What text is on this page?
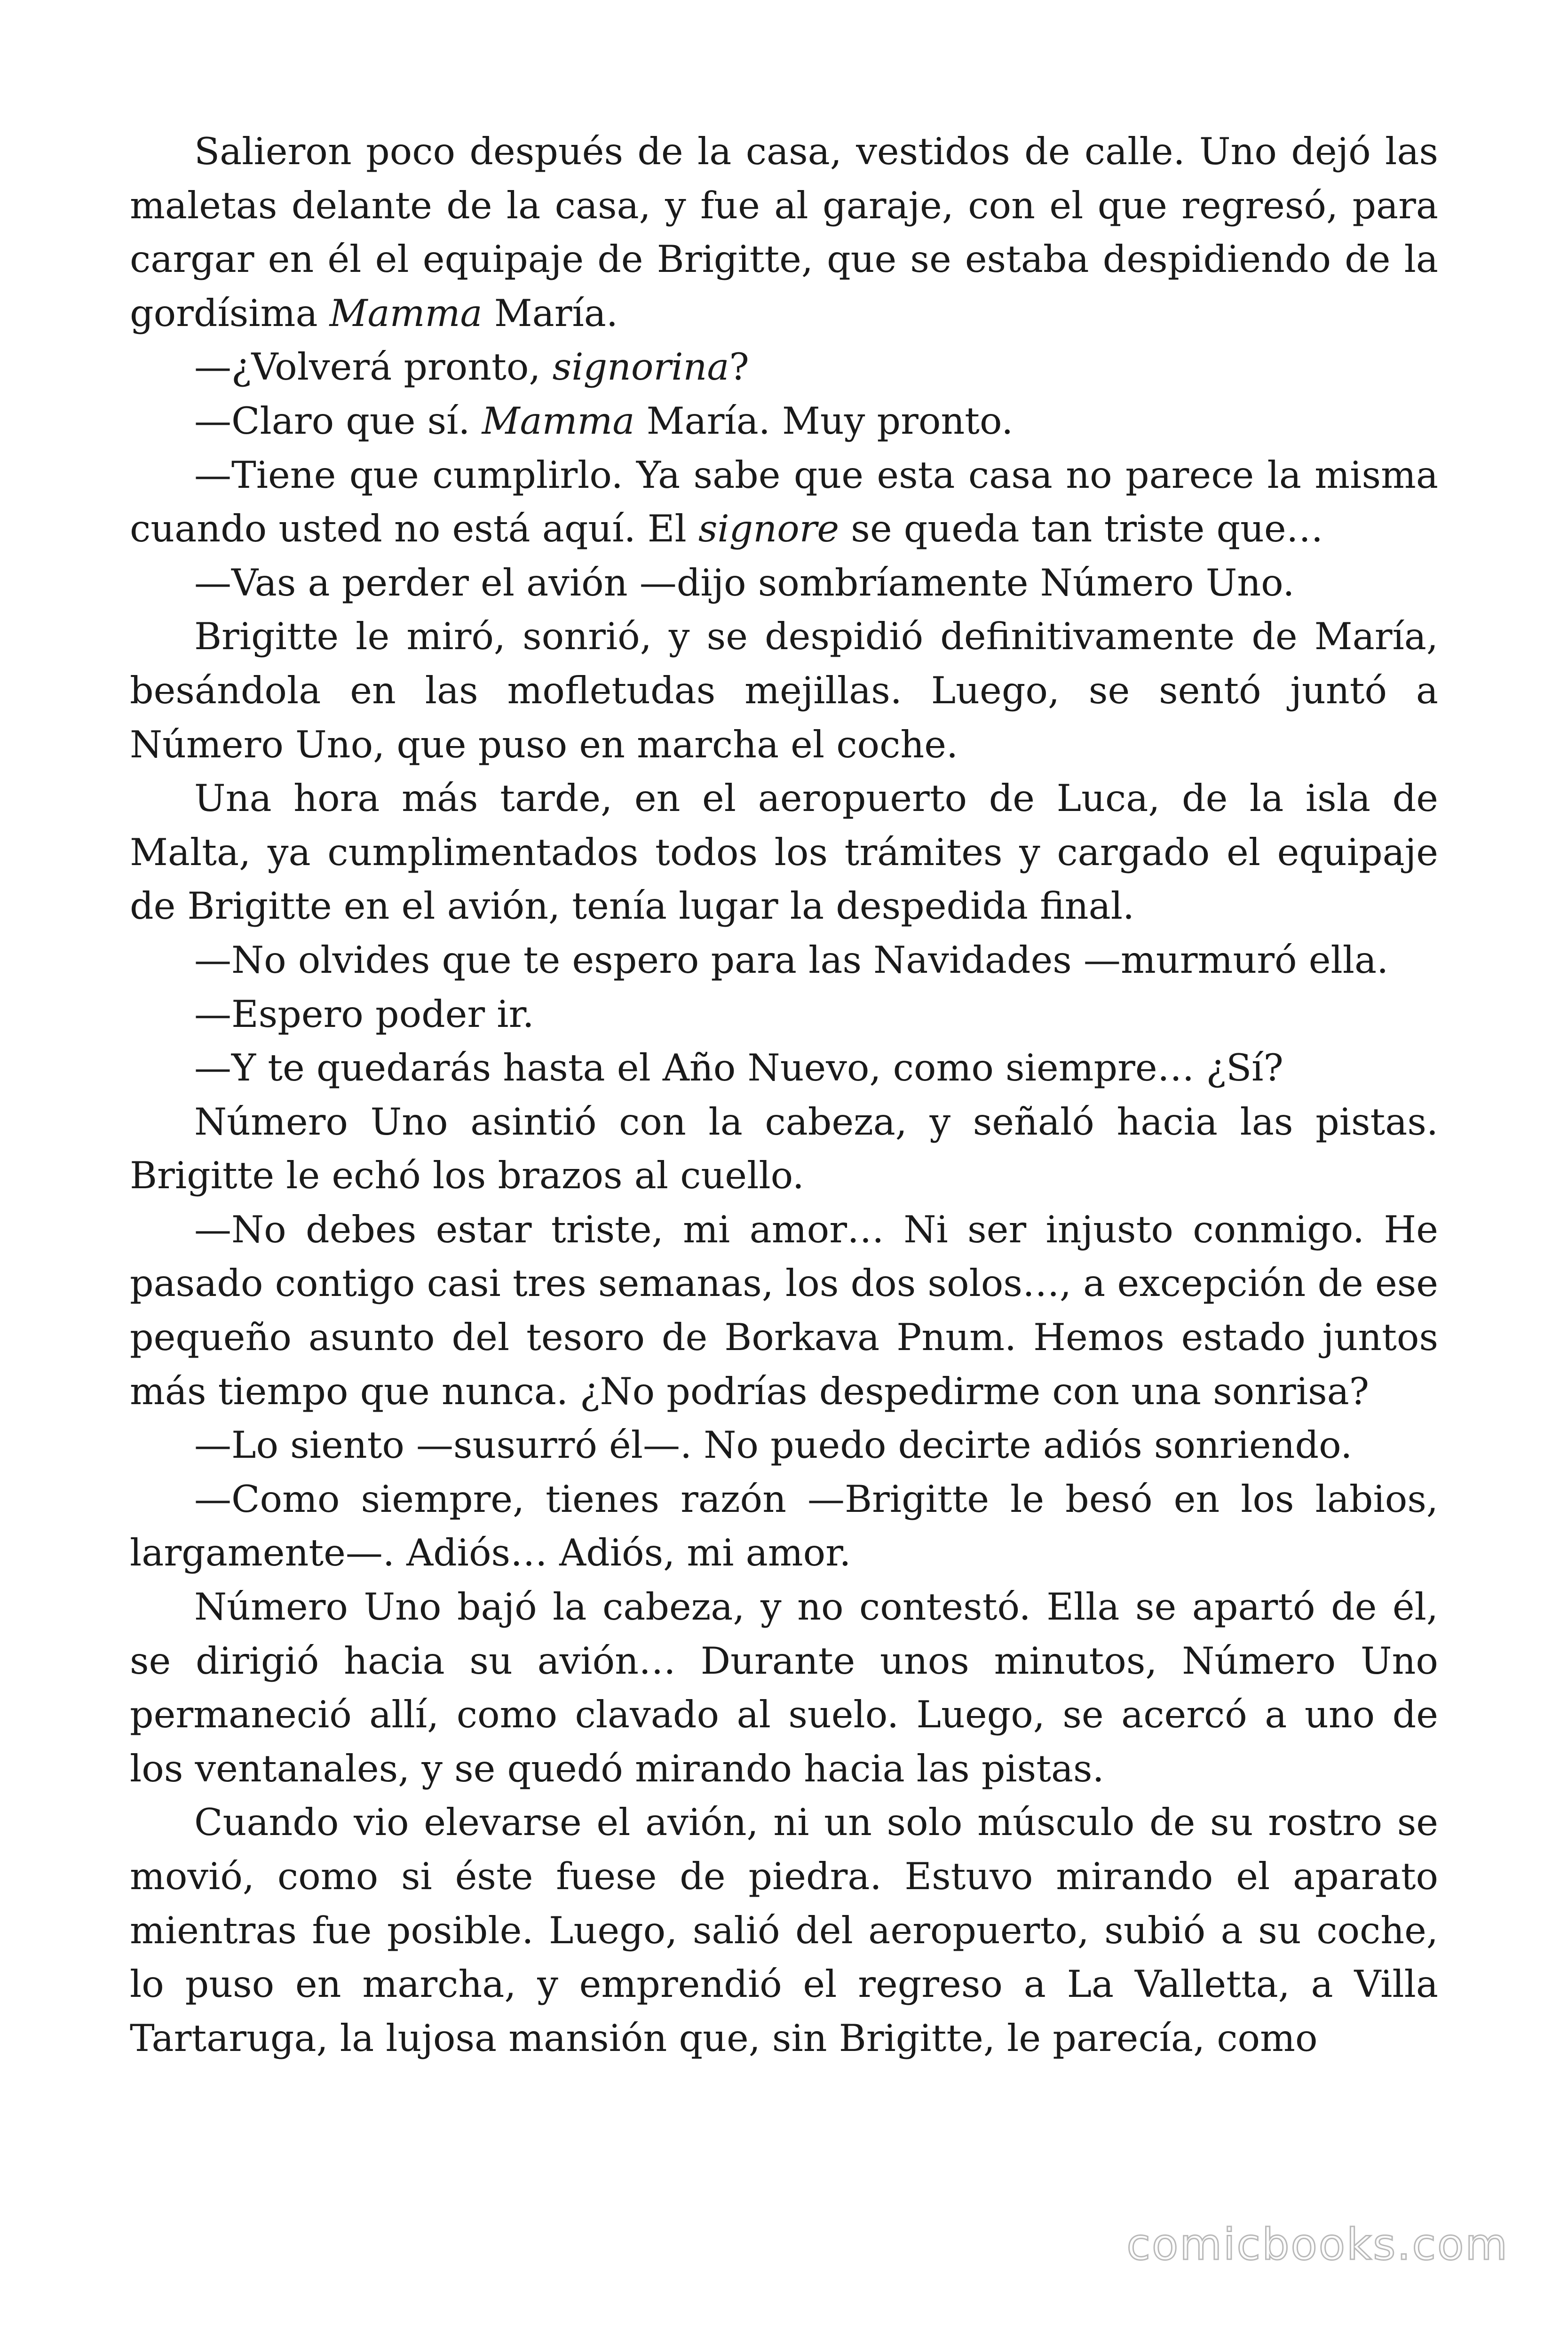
Salieron poco después de la casa, vestidos de calle. Uno dejó las maletas delante de la casa, y fue al garaje, con el que regresó, para cargar en él el equipaje de Brigitte, que se estaba despidiendo de la gordísima Mamma María.

—¿Volverá pronto, signorina?

—Claro que sí. Mamma María. Muy pronto.

—Tiene que cumplirlo. Ya sabe que esta casa no parece la misma cuando usted no está aquí. El signore se queda tan triste que…

—Vas a perder el avión —dijo sombríamente Número Uno.

Brigitte le miró, sonrió, y se despidió definitivamente de María, besándola en las mofletudas mejillas. Luego, se sentó juntó a Número Uno, que puso en marcha el coche.

Una hora más tarde, en el aeropuerto de Luca, de la isla de Malta, ya cumplimentados todos los trámites y cargado el equipaje de Brigitte en el avión, tenía lugar la despedida final.

—No olvides que te espero para las Navidades —murmuró ella.

—Espero poder ir.

—Y te quedarás hasta el Año Nuevo, como siempre… ¿Sí?

Número Uno asintió con la cabeza, y señaló hacia las pistas. Brigitte le echó los brazos al cuello.

—No debes estar triste, mi amor… Ni ser injusto conmigo. He pasado contigo casi tres semanas, los dos solos…, a excepción de ese pequeño asunto del tesoro de Borkava Pnum. Hemos estado juntos más tiempo que nunca. ¿No podrías despedirme con una sonrisa?

—Lo siento —susurró él—. No puedo decirte adiós sonriendo.

—Como siempre, tienes razón —Brigitte le besó en los labios, largamente—. Adiós… Adiós, mi amor.

Número Uno bajó la cabeza, y no contestó. Ella se apartó de él, se dirigió hacia su avión… Durante unos minutos, Número Uno permaneció allí, como clavado al suelo. Luego, se acercó a uno de los ventanales, y se quedó mirando hacia las pistas.

Cuando vio elevarse el avión, ni un solo músculo de su rostro se movió, como si éste fuese de piedra. Estuvo mirando el aparato mientras fue posible. Luego, salió del aeropuerto, subió a su coche, lo puso en marcha, y emprendió el regreso a La Valletta, a Villa Tartaruga, la lujosa mansión que, sin Brigitte, le parecía, como

comicbooks.com
